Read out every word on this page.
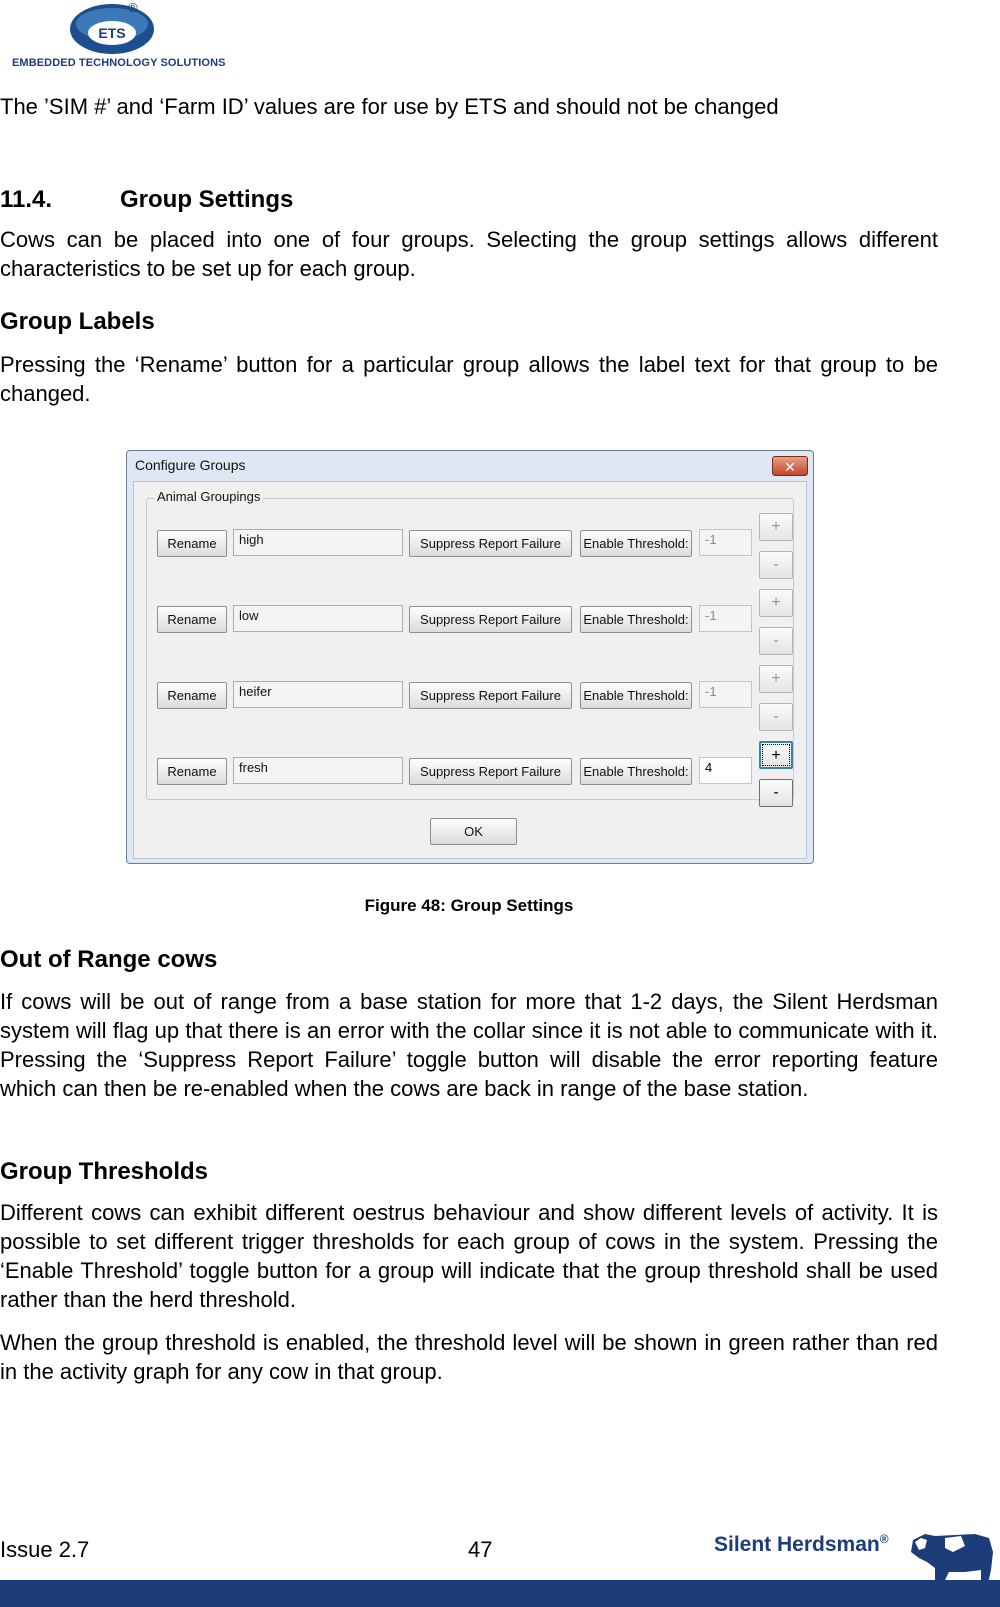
ETS
®
EMBEDDED TECHNOLOGY SOLUTIONS

The ’SIM #’ and ‘Farm ID’ values are for use by ETS and should not be changed

11.4.	Group Settings

Cows can be placed into one of four groups. Selecting the group settings allows different characteristics to be set up for each group.

Group Labels

Pressing the ‘Rename’ button for a particular group allows the label text for that group to be changed.

Configure Groups	✕
Animal Groupings
Rename	high	Suppress Report Failure	Enable Threshold:	-1
+
-
Rename	low	Suppress Report Failure	Enable Threshold:	-1
+
-
Rename	heifer	Suppress Report Failure	Enable Threshold:	-1
+
-
Rename	fresh	Suppress Report Failure	Enable Threshold:	4
+
-
OK
Figure 48: Group Settings
Out of Range cows

If cows will be out of range from a base station for more that 1-2 days, the Silent Herdsman system will flag up that there is an error with the collar since it is not able to communicate with it. Pressing the ‘Suppress Report Failure’ toggle button will disable the error reporting feature which can then be re-enabled when the cows are back in range of the base station.

Group Thresholds

Different cows can exhibit different oestrus behaviour and show different levels of activity. It is possible to set different trigger thresholds for each group of cows in the system. Pressing the ‘Enable Threshold’ toggle button for a group will indicate that the group threshold shall be used rather than the herd threshold.

When the group threshold is enabled, the threshold level will be shown in green rather than red in the activity graph for any cow in that group.

Issue 2.7	47	Silent Herdsman®
